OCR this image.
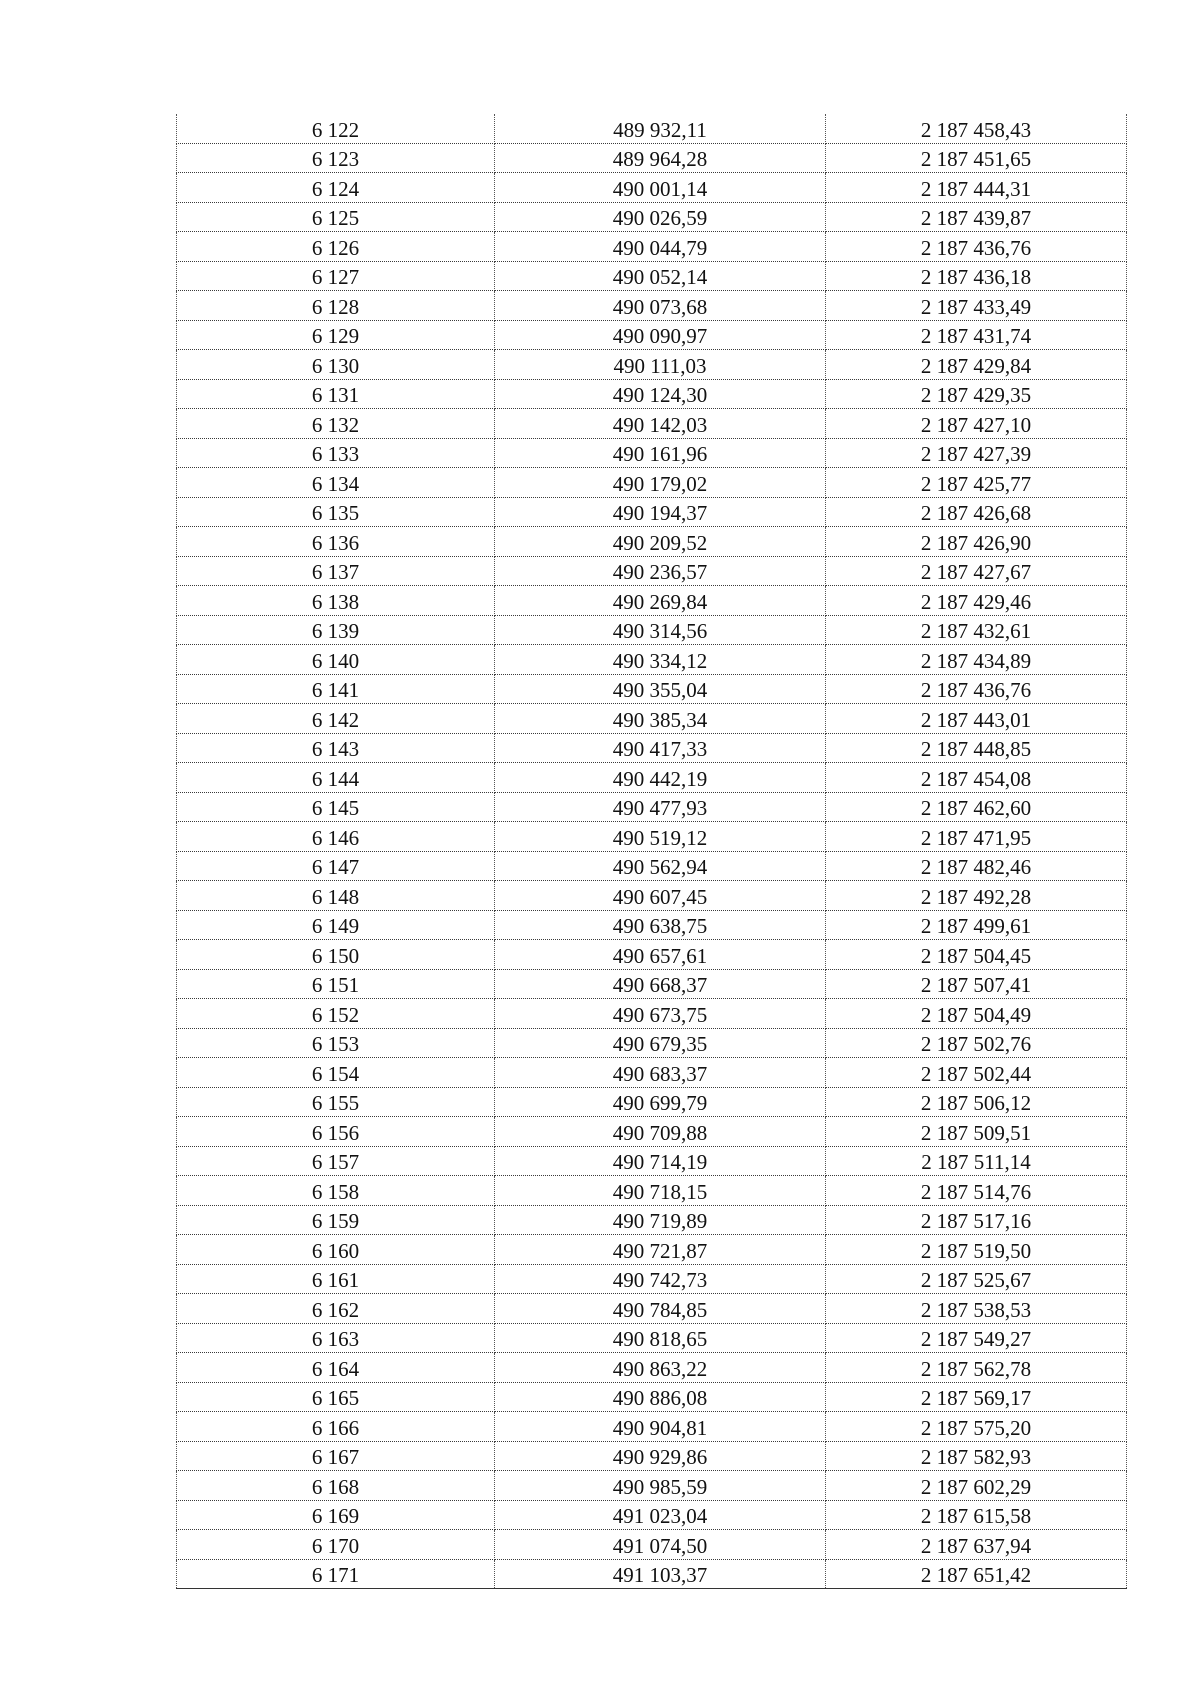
6 122	489 932,11	2 187 458,43
6 123	489 964,28	2 187 451,65
6 124	490 001,14	2 187 444,31
6 125	490 026,59	2 187 439,87
6 126	490 044,79	2 187 436,76
6 127	490 052,14	2 187 436,18
6 128	490 073,68	2 187 433,49
6 129	490 090,97	2 187 431,74
6 130	490 111,03	2 187 429,84
6 131	490 124,30	2 187 429,35
6 132	490 142,03	2 187 427,10
6 133	490 161,96	2 187 427,39
6 134	490 179,02	2 187 425,77
6 135	490 194,37	2 187 426,68
6 136	490 209,52	2 187 426,90
6 137	490 236,57	2 187 427,67
6 138	490 269,84	2 187 429,46
6 139	490 314,56	2 187 432,61
6 140	490 334,12	2 187 434,89
6 141	490 355,04	2 187 436,76
6 142	490 385,34	2 187 443,01
6 143	490 417,33	2 187 448,85
6 144	490 442,19	2 187 454,08
6 145	490 477,93	2 187 462,60
6 146	490 519,12	2 187 471,95
6 147	490 562,94	2 187 482,46
6 148	490 607,45	2 187 492,28
6 149	490 638,75	2 187 499,61
6 150	490 657,61	2 187 504,45
6 151	490 668,37	2 187 507,41
6 152	490 673,75	2 187 504,49
6 153	490 679,35	2 187 502,76
6 154	490 683,37	2 187 502,44
6 155	490 699,79	2 187 506,12
6 156	490 709,88	2 187 509,51
6 157	490 714,19	2 187 511,14
6 158	490 718,15	2 187 514,76
6 159	490 719,89	2 187 517,16
6 160	490 721,87	2 187 519,50
6 161	490 742,73	2 187 525,67
6 162	490 784,85	2 187 538,53
6 163	490 818,65	2 187 549,27
6 164	490 863,22	2 187 562,78
6 165	490 886,08	2 187 569,17
6 166	490 904,81	2 187 575,20
6 167	490 929,86	2 187 582,93
6 168	490 985,59	2 187 602,29
6 169	491 023,04	2 187 615,58
6 170	491 074,50	2 187 637,94
6 171	491 103,37	2 187 651,42
